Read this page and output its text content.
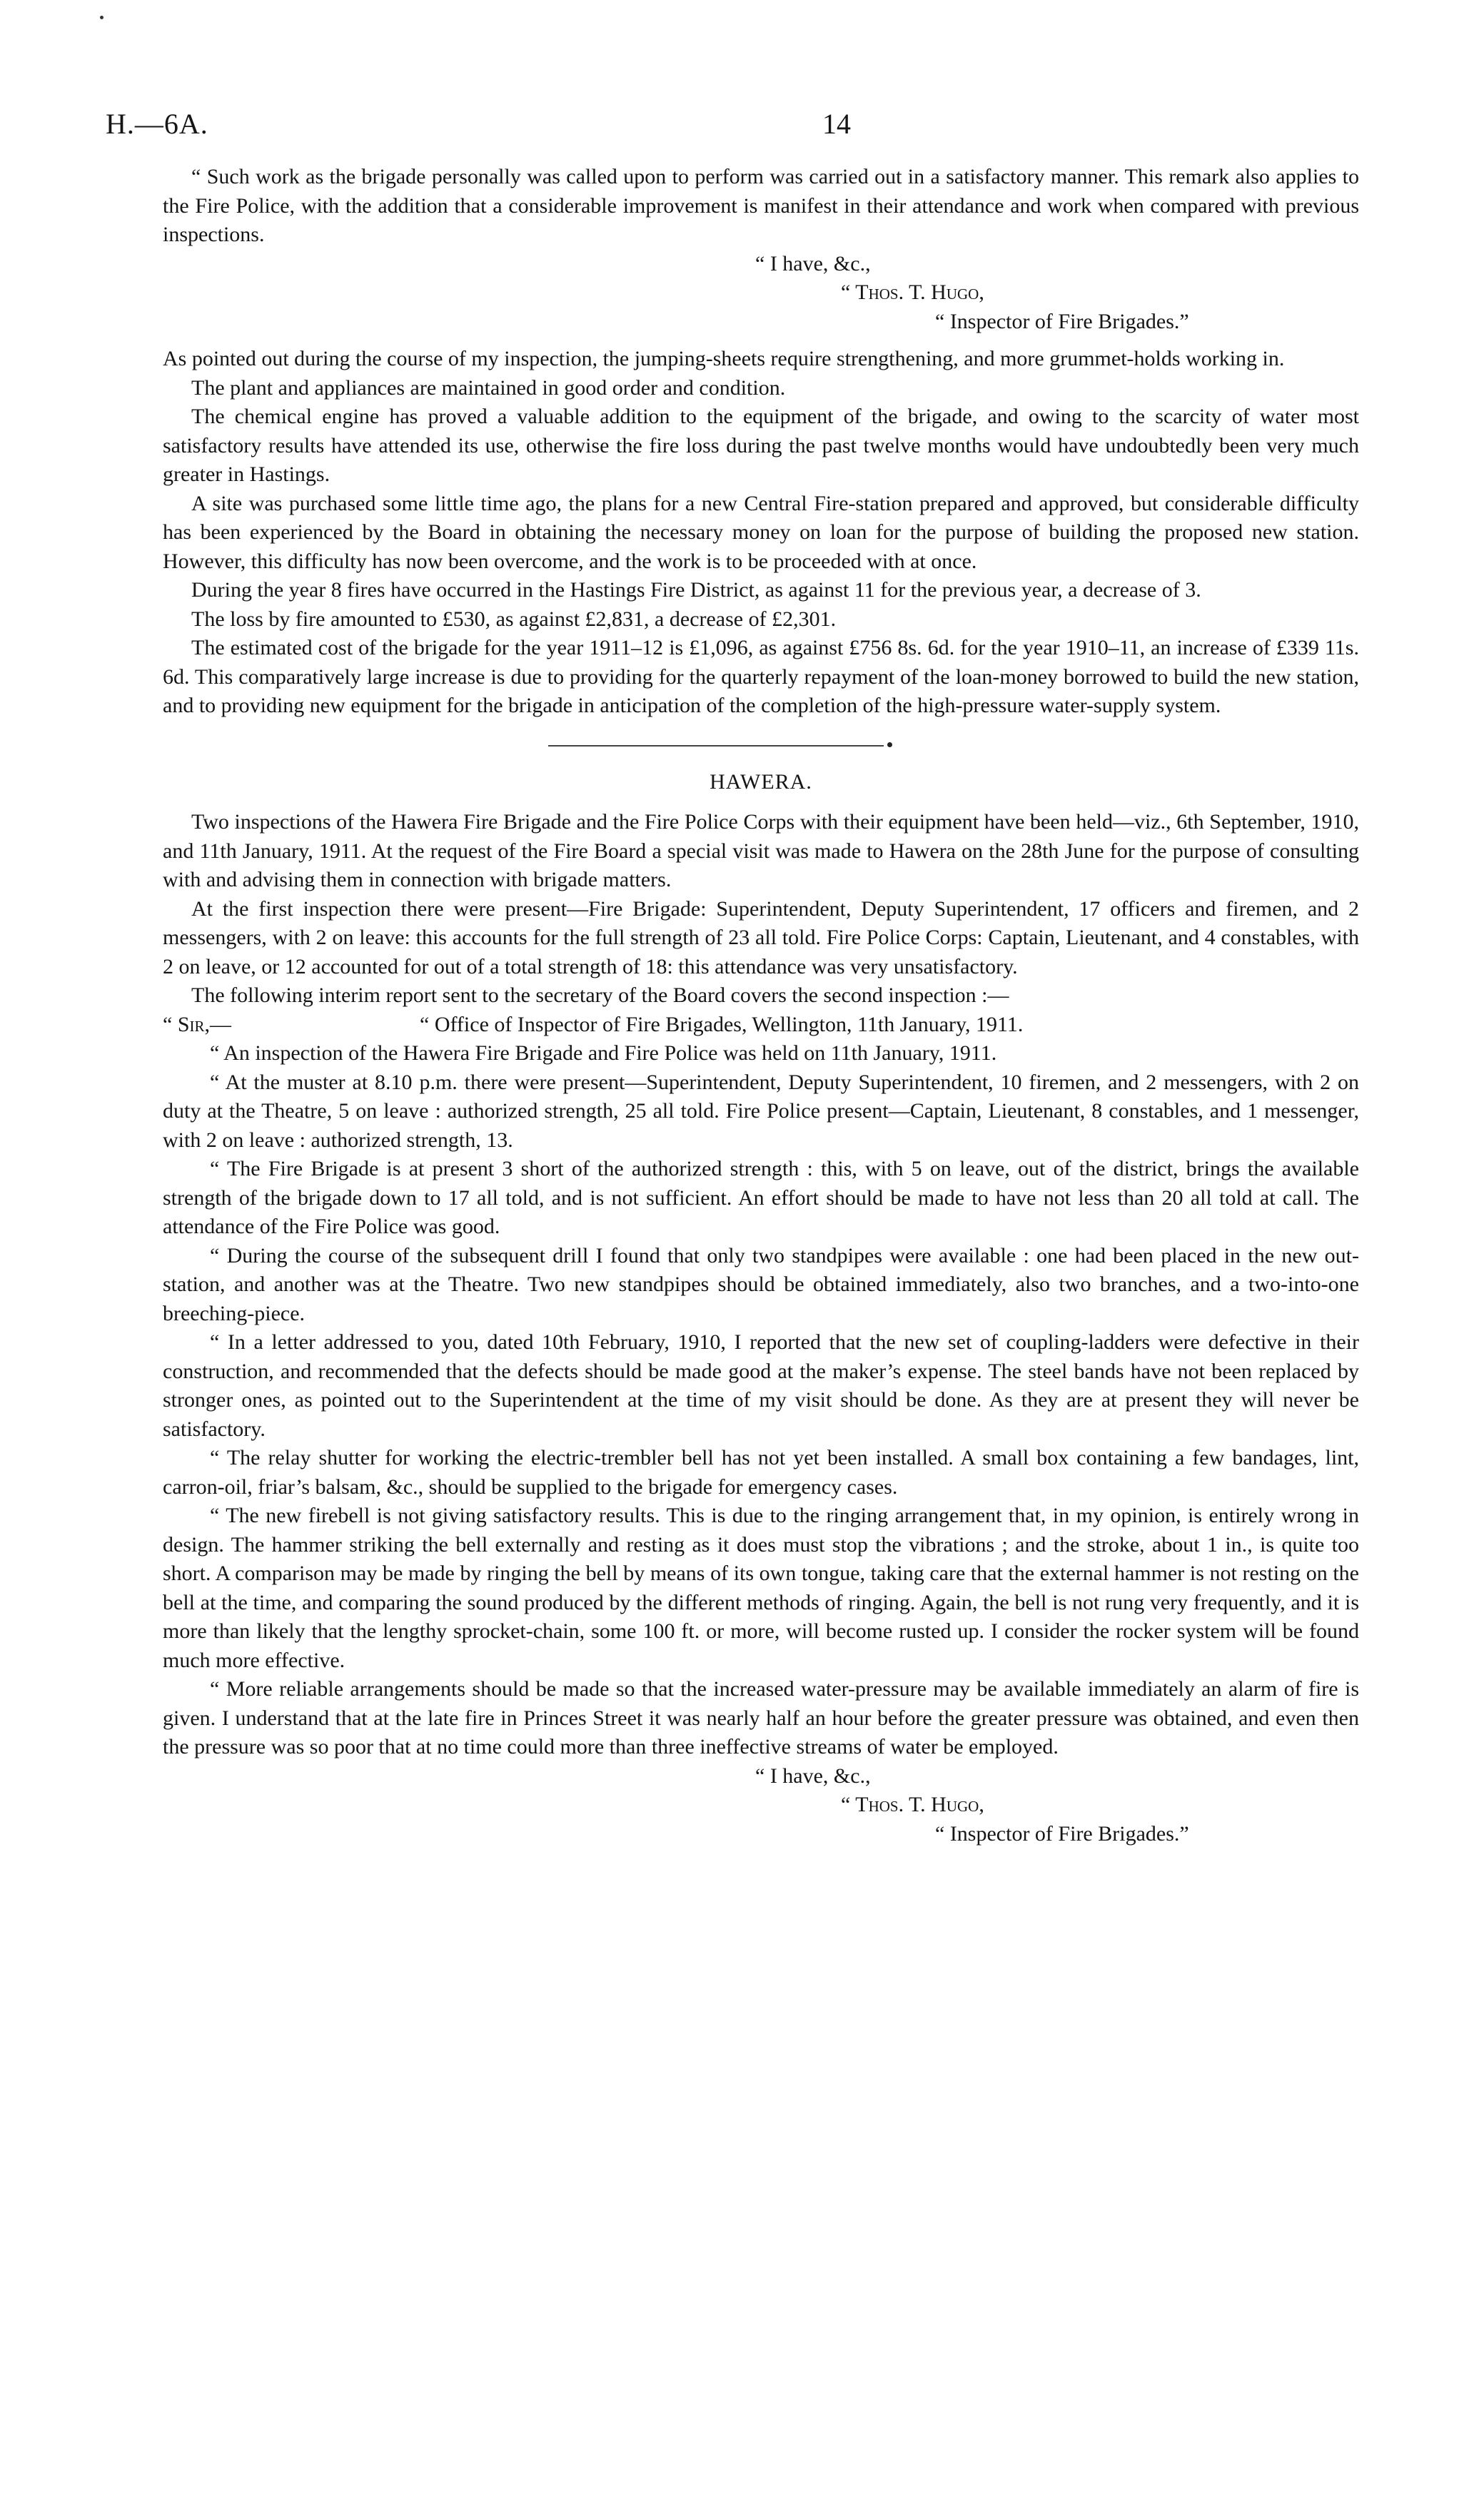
H.—6A.	14

“ Such work as the brigade personally was called upon to perform was carried out in a satisfactory manner. This remark also applies to the Fire Police, with the addition that a considerable improvement is manifest in their attendance and work when compared with previous inspections.

“ I have, &c.,
“ Thos. T. Hugo,
“ Inspector of Fire Brigades.”

As pointed out during the course of my inspection, the jumping-sheets require strengthening, and more grummet-holds working in.

The plant and appliances are maintained in good order and condition.

The chemical engine has proved a valuable addition to the equipment of the brigade, and owing to the scarcity of water most satisfactory results have attended its use, otherwise the fire loss during the past twelve months would have undoubtedly been very much greater in Hastings.

A site was purchased some little time ago, the plans for a new Central Fire-station prepared and approved, but considerable difficulty has been experienced by the Board in obtaining the necessary money on loan for the purpose of building the proposed new station. However, this difficulty has now been overcome, and the work is to be proceeded with at once.

During the year 8 fires have occurred in the Hastings Fire District, as against 11 for the previous year, a decrease of 3.

The loss by fire amounted to £530, as against £2,831, a decrease of £2,301.

The estimated cost of the brigade for the year 1911–12 is £1,096, as against £756 8s. 6d. for the year 1910–11, an increase of £339 11s. 6d. This comparatively large increase is due to providing for the quarterly repayment of the loan-money borrowed to build the new station, and to providing new equipment for the brigade in anticipation of the completion of the high-pressure water-supply system.

HAWERA.

Two inspections of the Hawera Fire Brigade and the Fire Police Corps with their equipment have been held—viz., 6th September, 1910, and 11th January, 1911. At the request of the Fire Board a special visit was made to Hawera on the 28th June for the purpose of consulting with and advising them in connection with brigade matters.

At the first inspection there were present—Fire Brigade: Superintendent, Deputy Superintendent, 17 officers and firemen, and 2 messengers, with 2 on leave: this accounts for the full strength of 23 all told. Fire Police Corps: Captain, Lieutenant, and 4 constables, with 2 on leave, or 12 accounted for out of a total strength of 18: this attendance was very unsatisfactory.

The following interim report sent to the secretary of the Board covers the second inspection :—

“ Sir,—	“ Office of Inspector of Fire Brigades, Wellington, 11th January, 1911.

“ An inspection of the Hawera Fire Brigade and Fire Police was held on 11th January, 1911.

“ At the muster at 8.10 p.m. there were present—Superintendent, Deputy Superintendent, 10 firemen, and 2 messengers, with 2 on duty at the Theatre, 5 on leave : authorized strength, 25 all told. Fire Police present—Captain, Lieutenant, 8 constables, and 1 messenger, with 2 on leave : authorized strength, 13.

“ The Fire Brigade is at present 3 short of the authorized strength : this, with 5 on leave, out of the district, brings the available strength of the brigade down to 17 all told, and is not sufficient. An effort should be made to have not less than 20 all told at call. The attendance of the Fire Police was good.

“ During the course of the subsequent drill I found that only two standpipes were available : one had been placed in the new out-station, and another was at the Theatre. Two new standpipes should be obtained immediately, also two branches, and a two-into-one breeching-piece.

“ In a letter addressed to you, dated 10th February, 1910, I reported that the new set of coupling-ladders were defective in their construction, and recommended that the defects should be made good at the maker’s expense. The steel bands have not been replaced by stronger ones, as pointed out to the Superintendent at the time of my visit should be done. As they are at present they will never be satisfactory.

“ The relay shutter for working the electric-trembler bell has not yet been installed. A small box containing a few bandages, lint, carron-oil, friar’s balsam, &c., should be supplied to the brigade for emergency cases.

“ The new firebell is not giving satisfactory results. This is due to the ringing arrangement that, in my opinion, is entirely wrong in design. The hammer striking the bell externally and resting as it does must stop the vibrations ; and the stroke, about 1 in., is quite too short. A comparison may be made by ringing the bell by means of its own tongue, taking care that the external hammer is not resting on the bell at the time, and comparing the sound produced by the different methods of ringing. Again, the bell is not rung very frequently, and it is more than likely that the lengthy sprocket-chain, some 100 ft. or more, will become rusted up. I consider the rocker system will be found much more effective.

“ More reliable arrangements should be made so that the increased water-pressure may be available immediately an alarm of fire is given. I understand that at the late fire in Princes Street it was nearly half an hour before the greater pressure was obtained, and even then the pressure was so poor that at no time could more than three ineffective streams of water be employed.

“ I have, &c.,
“ Thos. T. Hugo,
“ Inspector of Fire Brigades.”
